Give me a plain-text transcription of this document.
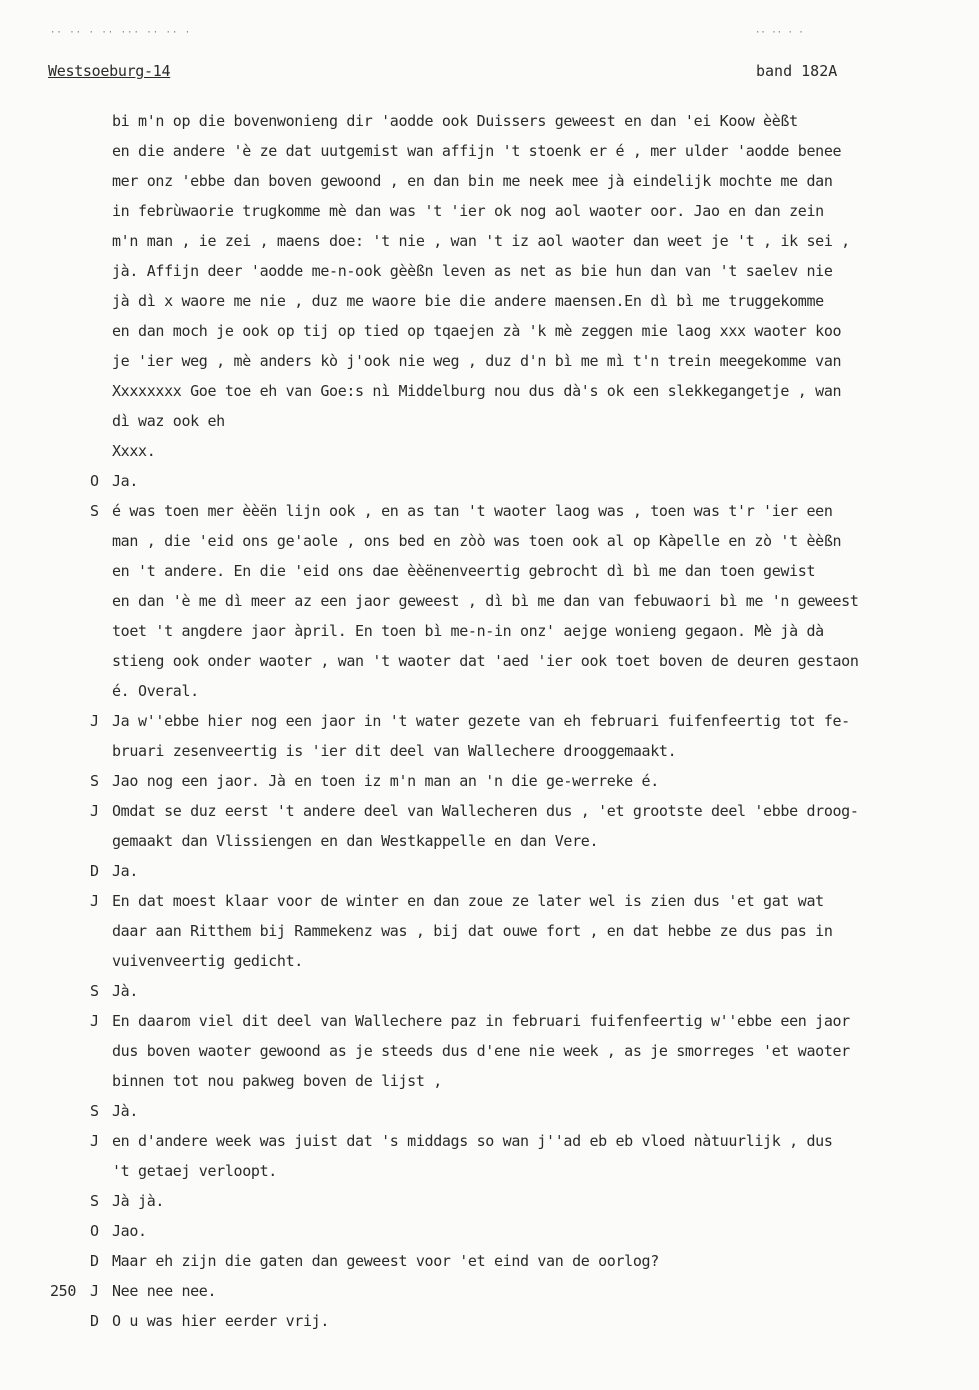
·· ·· · ·· ··· ·· ·· ·	·· ·· · ·
Westsoeburg-14	band 182A
bi m'n op die bovenwonieng dir 'aodde ook Duissers geweest en dan 'ei Koow èèßt
en die andere 'è ze dat uutgemist wan affijn 't stoenk er é , mer ulder 'aodde benee
mer onz 'ebbe dan boven gewoond , en dan bin me neek mee jà eindelijk mochte me dan
in febrùwaorie trugkomme mè dan was 't 'ier ok nog aol waoter oor. Jao en dan zein
m'n man , ie zei , maens doe: 't nie , wan 't iz aol waoter dan weet je 't , ik sei ,
jà. Affijn deer 'aodde me-n-ook gèèßn leven as net as bie hun dan van 't saelev nie
jà dì x waore me nie , duz me waore bie die andere maensen.En dì bì me truggekomme
en dan moch je ook op tij op tied op tqaejen zà 'k mè zeggen mie laog xxx waoter koo
je 'ier weg , mè anders kò j'ook nie weg , duz d'n bì me mì t'n trein meegekomme van
Xxxxxxxx Goe toe eh van Goe:s nì Middelburg nou dus dà's ok een slekkegangetje , wan
dì waz ook eh
Xxxx.
O Ja.
S é was toen mer èèën lijn ook , en as tan 't waoter laog was , toen was t'r 'ier een
man , die 'eid ons ge'aole , ons bed en zòò was toen ook al op Kàpelle en zò 't èèßn
en 't andere. En die 'eid ons dae èèënenveertig gebrocht dì bì me dan toen gewist
en dan 'è me dì meer az een jaor geweest , dì bì me dan van febuwaori bì me 'n geweest
toet 't angdere jaor àpril. En toen bì me-n-in onz' aejge wonieng gegaon. Mè jà dà
stieng ook onder waoter , wan 't waoter dat 'aed 'ier ook toet boven de deuren gestaon
é. Overal.
J Ja w''ebbe hier nog een jaor in 't water gezete van eh februari fuifenfeertig tot fe-
bruari zesenveertig is 'ier dit deel van Wallechere drooggemaakt.
S Jao nog een jaor. Jà en toen iz m'n man an 'n die ge-werreke é.
J Omdat se duz eerst 't andere deel van Wallecheren dus , 'et grootste deel 'ebbe droog-
gemaakt dan Vlissiengen en dan Westkappelle en dan Vere.
D Ja.
J En dat moest klaar voor de winter en dan zoue ze later wel is zien dus 'et gat wat
daar aan Ritthem bij Rammekenz was , bij dat ouwe fort , en dat hebbe ze dus pas in
vuivenveertig gedicht.
S Jà.
J En daarom viel dit deel van Wallechere paz in februari fuifenfeertig w''ebbe een jaor
dus boven waoter gewoond as je steeds dus d'ene nie week , as je smorreges 'et waoter
binnen tot nou pakweg boven de lijst ,
S Jà.
J en d'andere week was juist dat 's middags so wan j''ad eb eb vloed nàtuurlijk , dus
't getaej verloopt.
S Jà jà.
O Jao.
D Maar eh zijn die gaten dan geweest voor 'et eind van de oorlog?
250 J Nee nee nee.
D O u was hier eerder vrij.
